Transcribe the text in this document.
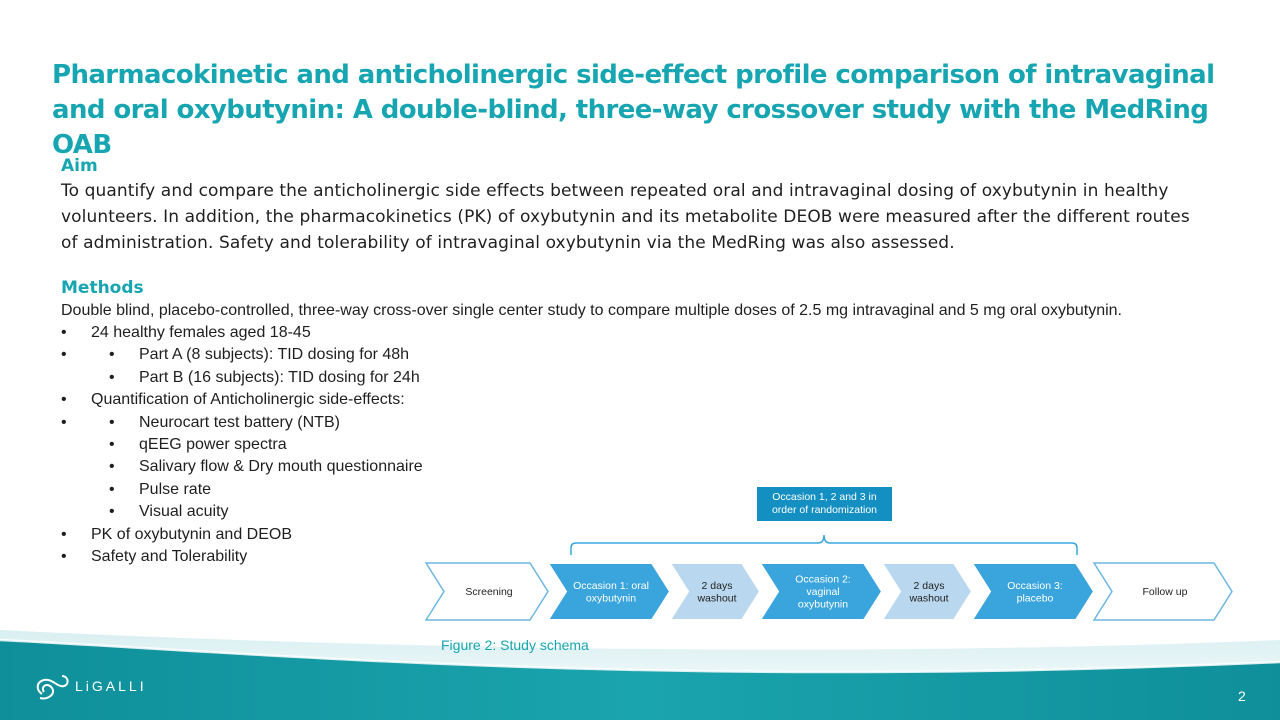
Pharmacokinetic and anticholinergic side-effect profile comparison of intravaginal and oral oxybutynin: A double-blind, three-way crossover study with the MedRing OAB
Aim
To quantify and compare the anticholinergic side effects between repeated oral and intravaginal dosing of oxybutynin in healthy volunteers. In addition, the pharmacokinetics (PK) of oxybutynin and its metabolite DEOB were measured after the different routes of administration. Safety and tolerability of intravaginal oxybutynin via the MedRing was also assessed.
Methods
Double blind, placebo-controlled, three-way cross-over single center study to compare multiple doses of 2.5 mg intravaginal and 5 mg oral oxybutynin.
• 24 healthy females aged 18-45
• • Part A (8 subjects): TID dosing for 48h
• Part B (16 subjects): TID dosing for 24h
• Quantification of Anticholinergic side-effects:
• • Neurocart test battery (NTB)
• qEEG power spectra
• Salivary flow & Dry mouth questionnaire
• Pulse rate
• Visual acuity
• PK of oxybutynin and DEOB
• Safety and Tolerability
Occasion 1, 2 and 3 in
order of randomization
Screening
Occasion 1: oral
oxybutynin
2 days
washout
Occasion 2:
vaginal
oxybutynin
2 days
washout
Occasion 3:
placebo
Follow up
Figure 2: Study schema
LiGALLI
2
